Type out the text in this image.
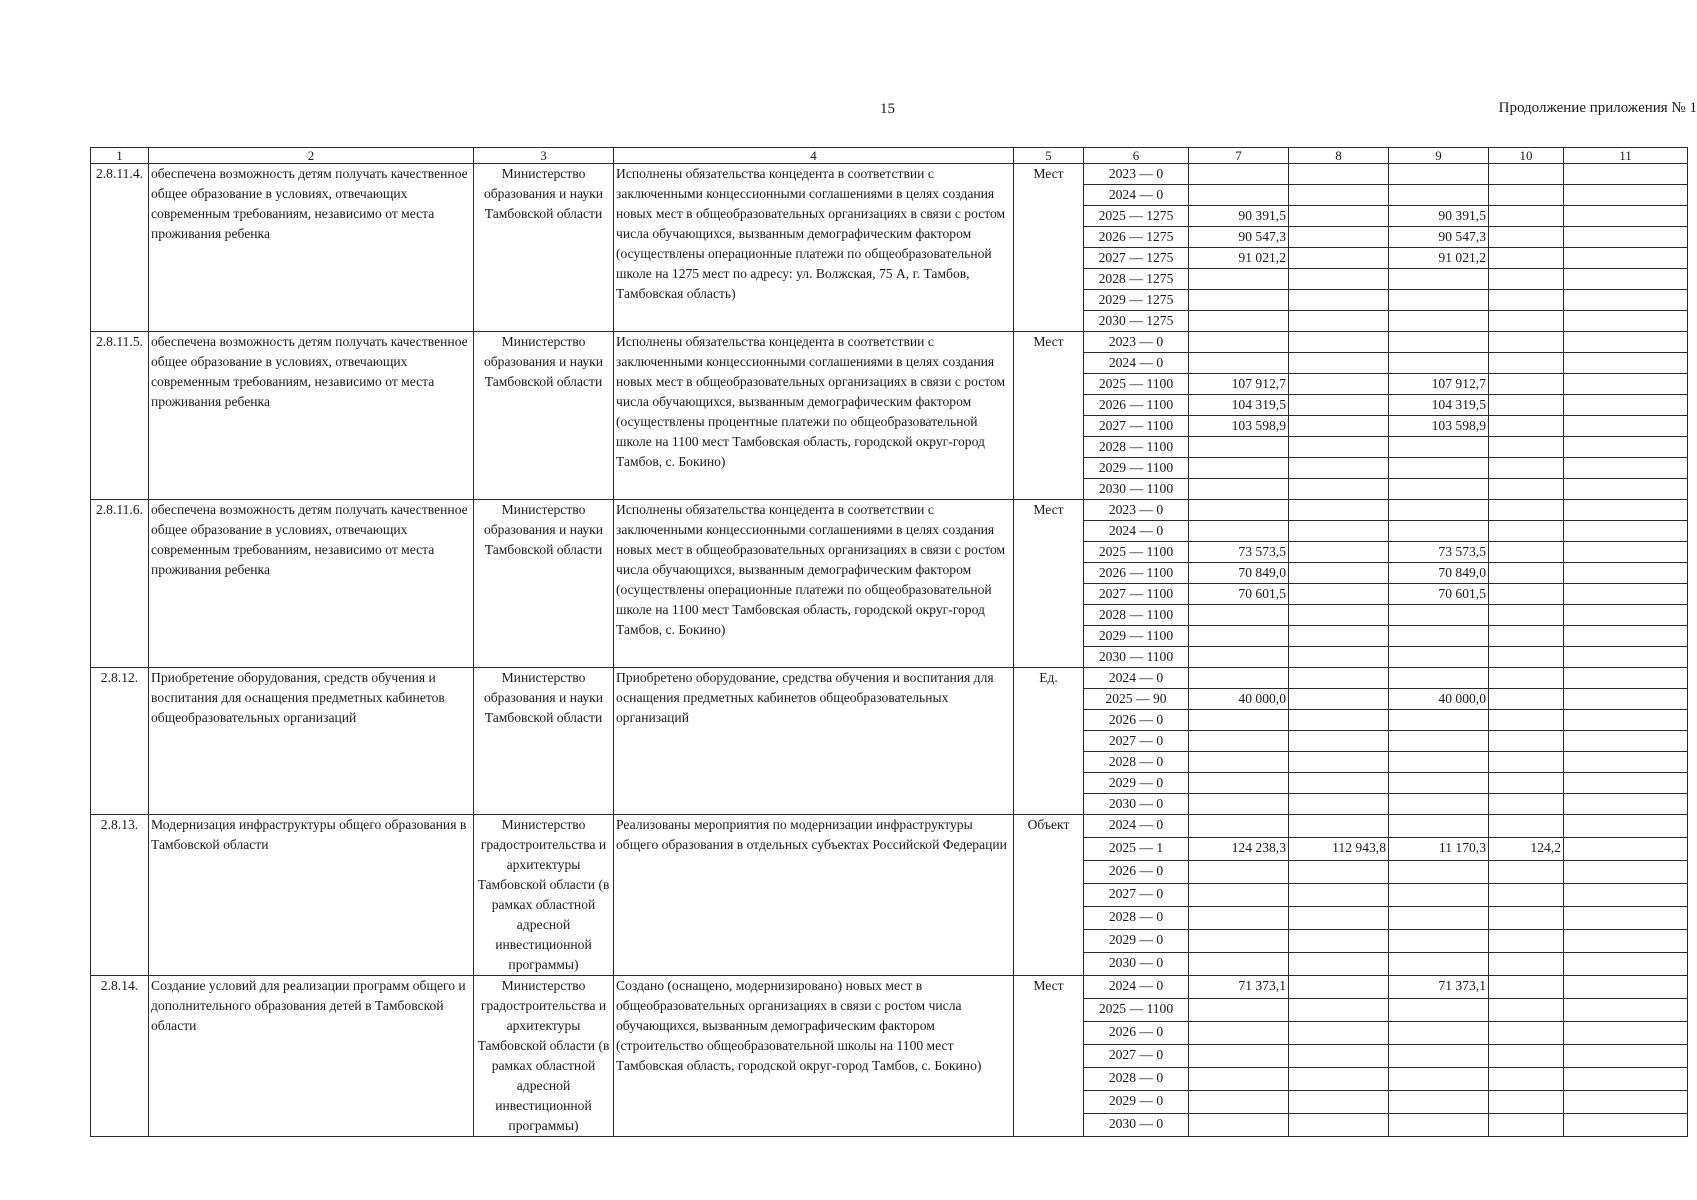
15	Продолжение приложения № 1
1	2	3	4	5	6	7	8	9	10	11
2.8.11.4.	обеспечена возможность детям получать качественное общее образование в условиях, отвечающих современным требованиям, независимо от места проживания ребенка	Министерство образования и науки Тамбовской области	Исполнены обязательства концедента в соответствии с заключенными концессионными соглашениями в целях создания новых мест в общеобразовательных организациях в связи с ростом числа обучающихся, вызванным демографическим фактором (осуществлены операционные платежи по общеобразовательной школе на 1275 мест по адресу: ул. Волжская, 75 А, г. Тамбов, Тамбовская область)	Мест	2023 — 0					
					2024 — 0					
					2025 — 1275	90 391,5		90 391,5		
					2026 — 1275	90 547,3		90 547,3		
					2027 — 1275	91 021,2		91 021,2		
					2028 — 1275					
					2029 — 1275					
					2030 — 1275					
2.8.11.5.	обеспечена возможность детям получать качественное общее образование в условиях, отвечающих современным требованиям, независимо от места проживания ребенка	Министерство образования и науки Тамбовской области	Исполнены обязательства концедента в соответствии с заключенными концессионными соглашениями в целях создания новых мест в общеобразовательных организациях в связи с ростом числа обучающихся, вызванным демографическим фактором (осуществлены процентные платежи по общеобразовательной школе на 1100 мест Тамбовская область, городской округ-город Тамбов, с. Бокино)	Мест	2023 — 0					
					2024 — 0					
					2025 — 1100	107 912,7		107 912,7		
					2026 — 1100	104 319,5		104 319,5		
					2027 — 1100	103 598,9		103 598,9		
					2028 — 1100					
					2029 — 1100					
					2030 — 1100					
2.8.11.6.	обеспечена возможность детям получать качественное общее образование в условиях, отвечающих современным требованиям, независимо от места проживания ребенка	Министерство образования и науки Тамбовской области	Исполнены обязательства концедента в соответствии с заключенными концессионными соглашениями в целях создания новых мест в общеобразовательных организациях в связи с ростом числа обучающихся, вызванным демографическим фактором (осуществлены операционные платежи по общеобразовательной школе на 1100 мест Тамбовская область, городской округ-город Тамбов, с. Бокино)	Мест	2023 — 0					
					2024 — 0					
					2025 — 1100	73 573,5		73 573,5		
					2026 — 1100	70 849,0		70 849,0		
					2027 — 1100	70 601,5		70 601,5		
					2028 — 1100					
					2029 — 1100					
					2030 — 1100					
2.8.12.	Приобретение оборудования, средств обучения и воспитания для оснащения предметных кабинетов общеобразовательных организаций	Министерство образования и науки Тамбовской области	Приобретено оборудование, средства обучения и воспитания для оснащения предметных кабинетов общеобразовательных организаций	Ед.	2024 — 0					
					2025 — 90	40 000,0		40 000,0		
					2026 — 0					
					2027 — 0					
					2028 — 0					
					2029 — 0					
					2030 — 0					
2.8.13.	Модернизация инфраструктуры общего образования в Тамбовской области	Министерство градостроительства и архитектуры Тамбовской области (в рамках областной адресной инвестиционной программы)	Реализованы мероприятия по модернизации инфраструктуры общего образования в отдельных субъектах Российской Федерации	Объект	2024 — 0					
					2025 — 1	124 238,3	112 943,8	11 170,3	124,2	
					2026 — 0					
					2027 — 0					
					2028 — 0					
					2029 — 0					
					2030 — 0					
2.8.14.	Создание условий для реализации программ общего и дополнительного образования детей в Тамбовской области	Министерство градостроительства и архитектуры Тамбовской области (в рамках областной адресной инвестиционной программы)	Создано (оснащено, модернизировано) новых мест в общеобразовательных организациях в связи с ростом числа обучающихся, вызванным демографическим фактором (строительство общеобразовательной школы на 1100 мест Тамбовская область, городской округ-город Тамбов, с. Бокино)	Мест	2024 — 0	71 373,1		71 373,1		
					2025 — 1100					
					2026 — 0					
					2027 — 0					
					2028 — 0					
					2029 — 0					
					2030 — 0					
